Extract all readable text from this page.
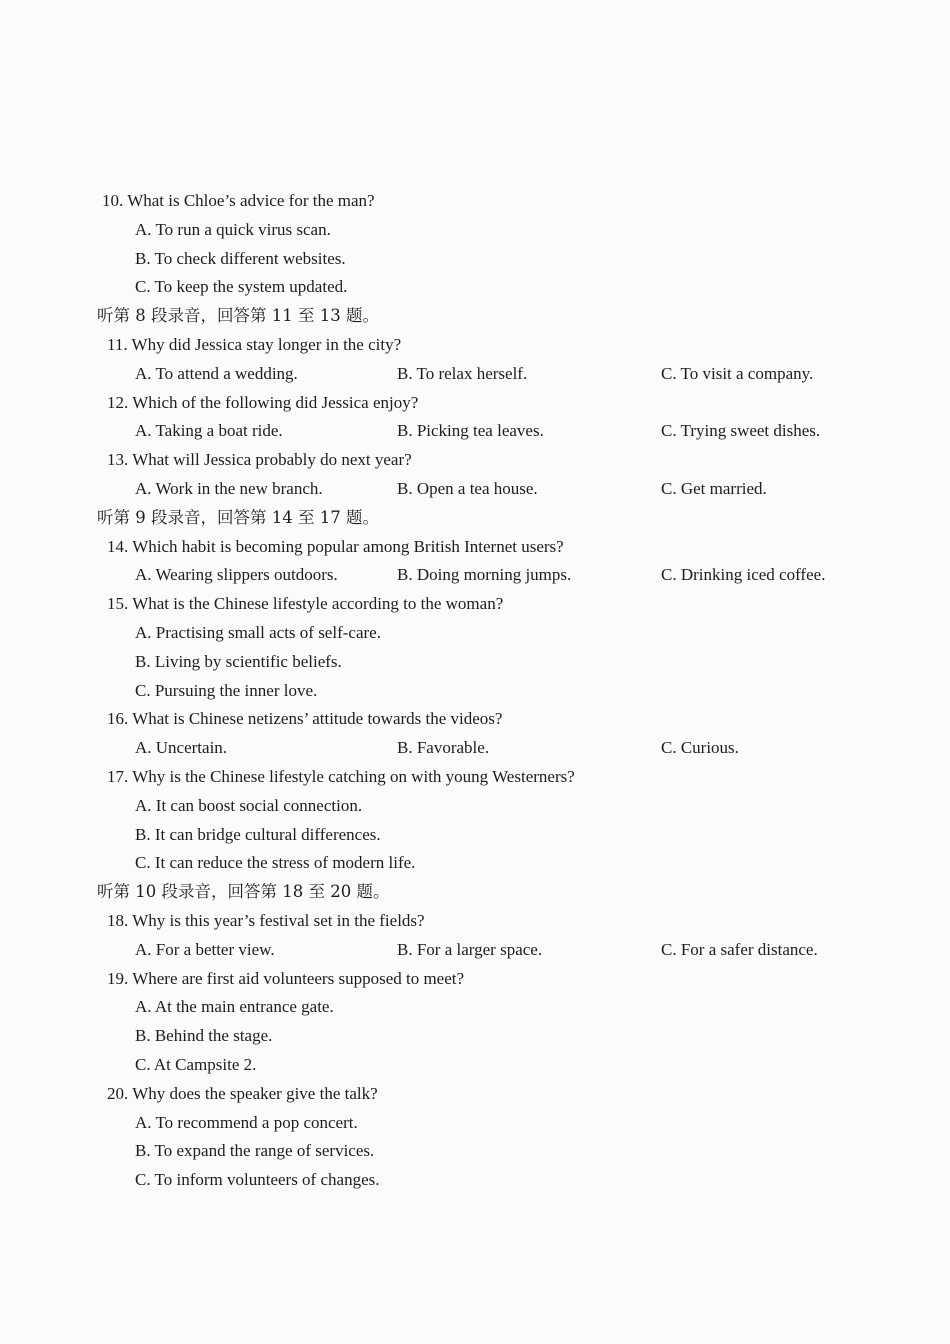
10. What is Chloe’s advice for the man?
A. To run a quick virus scan.
B. To check different websites.
C. To keep the system updated.
听第 8 段录音，回答第 11 至 13 题。
11. Why did Jessica stay longer in the city?
A. To attend a wedding.	B. To relax herself.	C. To visit a company.
12. Which of the following did Jessica enjoy?
A. Taking a boat ride.	B. Picking tea leaves.	C. Trying sweet dishes.
13. What will Jessica probably do next year?
A. Work in the new branch.	B. Open a tea house.	C. Get married.
听第 9 段录音，回答第 14 至 17 题。
14. Which habit is becoming popular among British Internet users?
A. Wearing slippers outdoors.	B. Doing morning jumps.	C. Drinking iced coffee.
15. What is the Chinese lifestyle according to the woman?
A. Practising small acts of self-care.
B. Living by scientific beliefs.
C. Pursuing the inner love.
16. What is Chinese netizens’ attitude towards the videos?
A. Uncertain.	B. Favorable.	C. Curious.
17. Why is the Chinese lifestyle catching on with young Westerners?
A. It can boost social connection.
B. It can bridge cultural differences.
C. It can reduce the stress of modern life.
听第 10 段录音，回答第 18 至 20 题。
18. Why is this year’s festival set in the fields?
A. For a better view.	B. For a larger space.	C. For a safer distance.
19. Where are first aid volunteers supposed to meet?
A. At the main entrance gate.
B. Behind the stage.
C. At Campsite 2.
20. Why does the speaker give the talk?
A. To recommend a pop concert.
B. To expand the range of services.
C. To inform volunteers of changes.
